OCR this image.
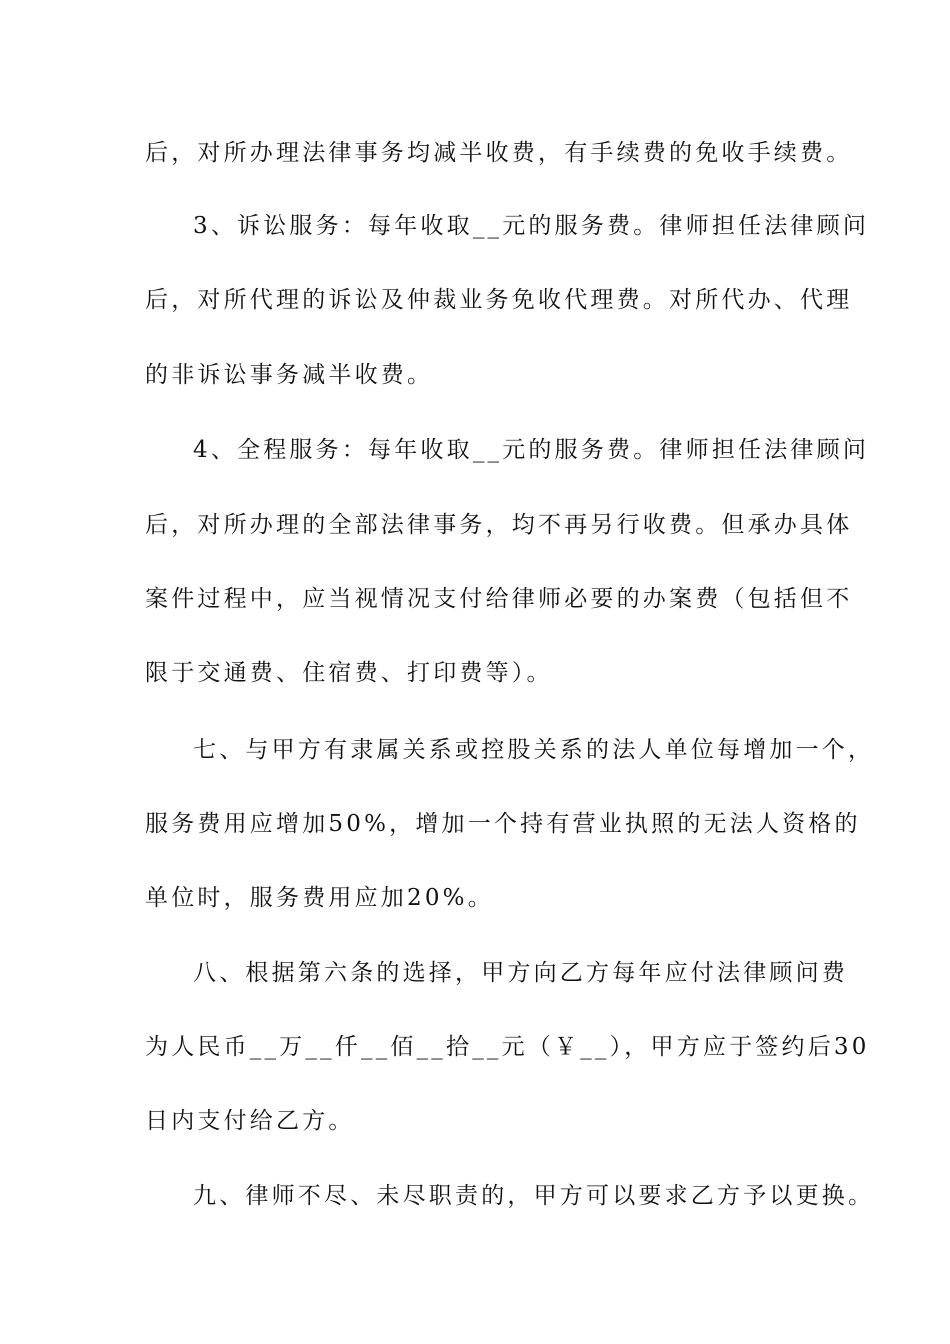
后，对所办理法律事务均减半收费，有手续费的免收手续费。
3、诉讼服务：每年收取__元的服务费。律师担任法律顾问
后，对所代理的诉讼及仲裁业务免收代理费。对所代办、代理
的非诉讼事务减半收费。
4、全程服务：每年收取__元的服务费。律师担任法律顾问
后，对所办理的全部法律事务，均不再另行收费。但承办具体
案件过程中，应当视情况支付给律师必要的办案费（包括但不
限于交通费、住宿费、打印费等）。
七、与甲方有隶属关系或控股关系的法人单位每增加一个，
服务费用应增加50%，增加一个持有营业执照的无法人资格的
单位时，服务费用应加20%。
八、根据第六条的选择，甲方向乙方每年应付法律顾问费
为人民币__万__仟__佰__拾__元（￥__），甲方应于签约后30
日内支付给乙方。
九、律师不尽、未尽职责的，甲方可以要求乙方予以更换。
